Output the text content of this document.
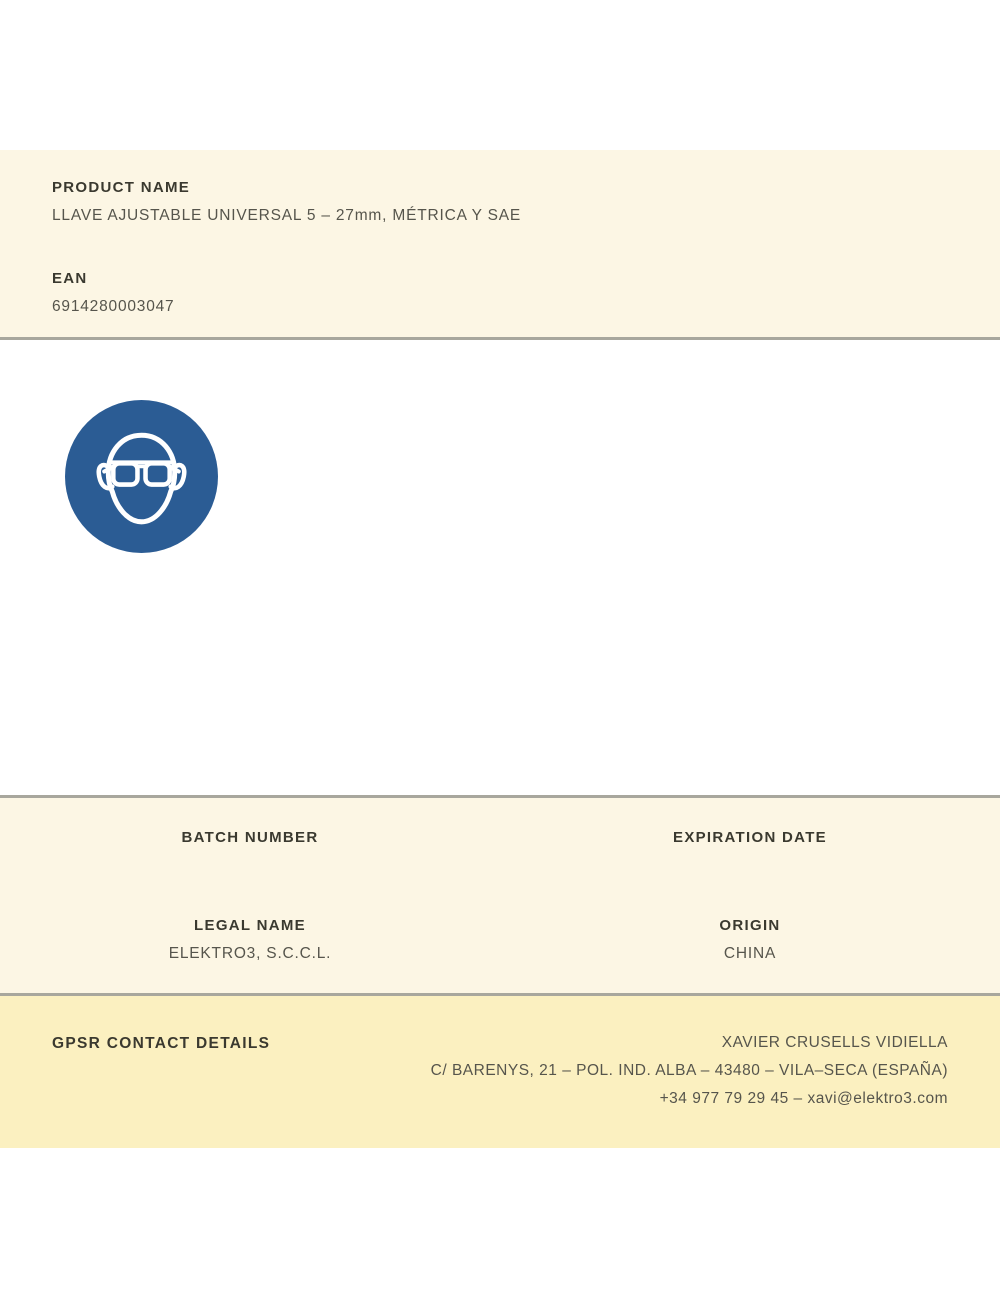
PRODUCT NAME
LLAVE AJUSTABLE UNIVERSAL 5 – 27mm, MÉTRICA Y SAE
EAN
6914280003047
BATCH NUMBER
LEGAL NAME
ELEKTRO3, S.C.C.L.
EXPIRATION DATE
ORIGIN
CHINA
GPSR CONTACT DETAILS	XAVIER CRUSELLS VIDIELLA
C/ BARENYS, 21 – POL. IND. ALBA – 43480 – VILA–SECA (ESPAÑA)
+34 977 79 29 45 – xavi@elektro3.com
